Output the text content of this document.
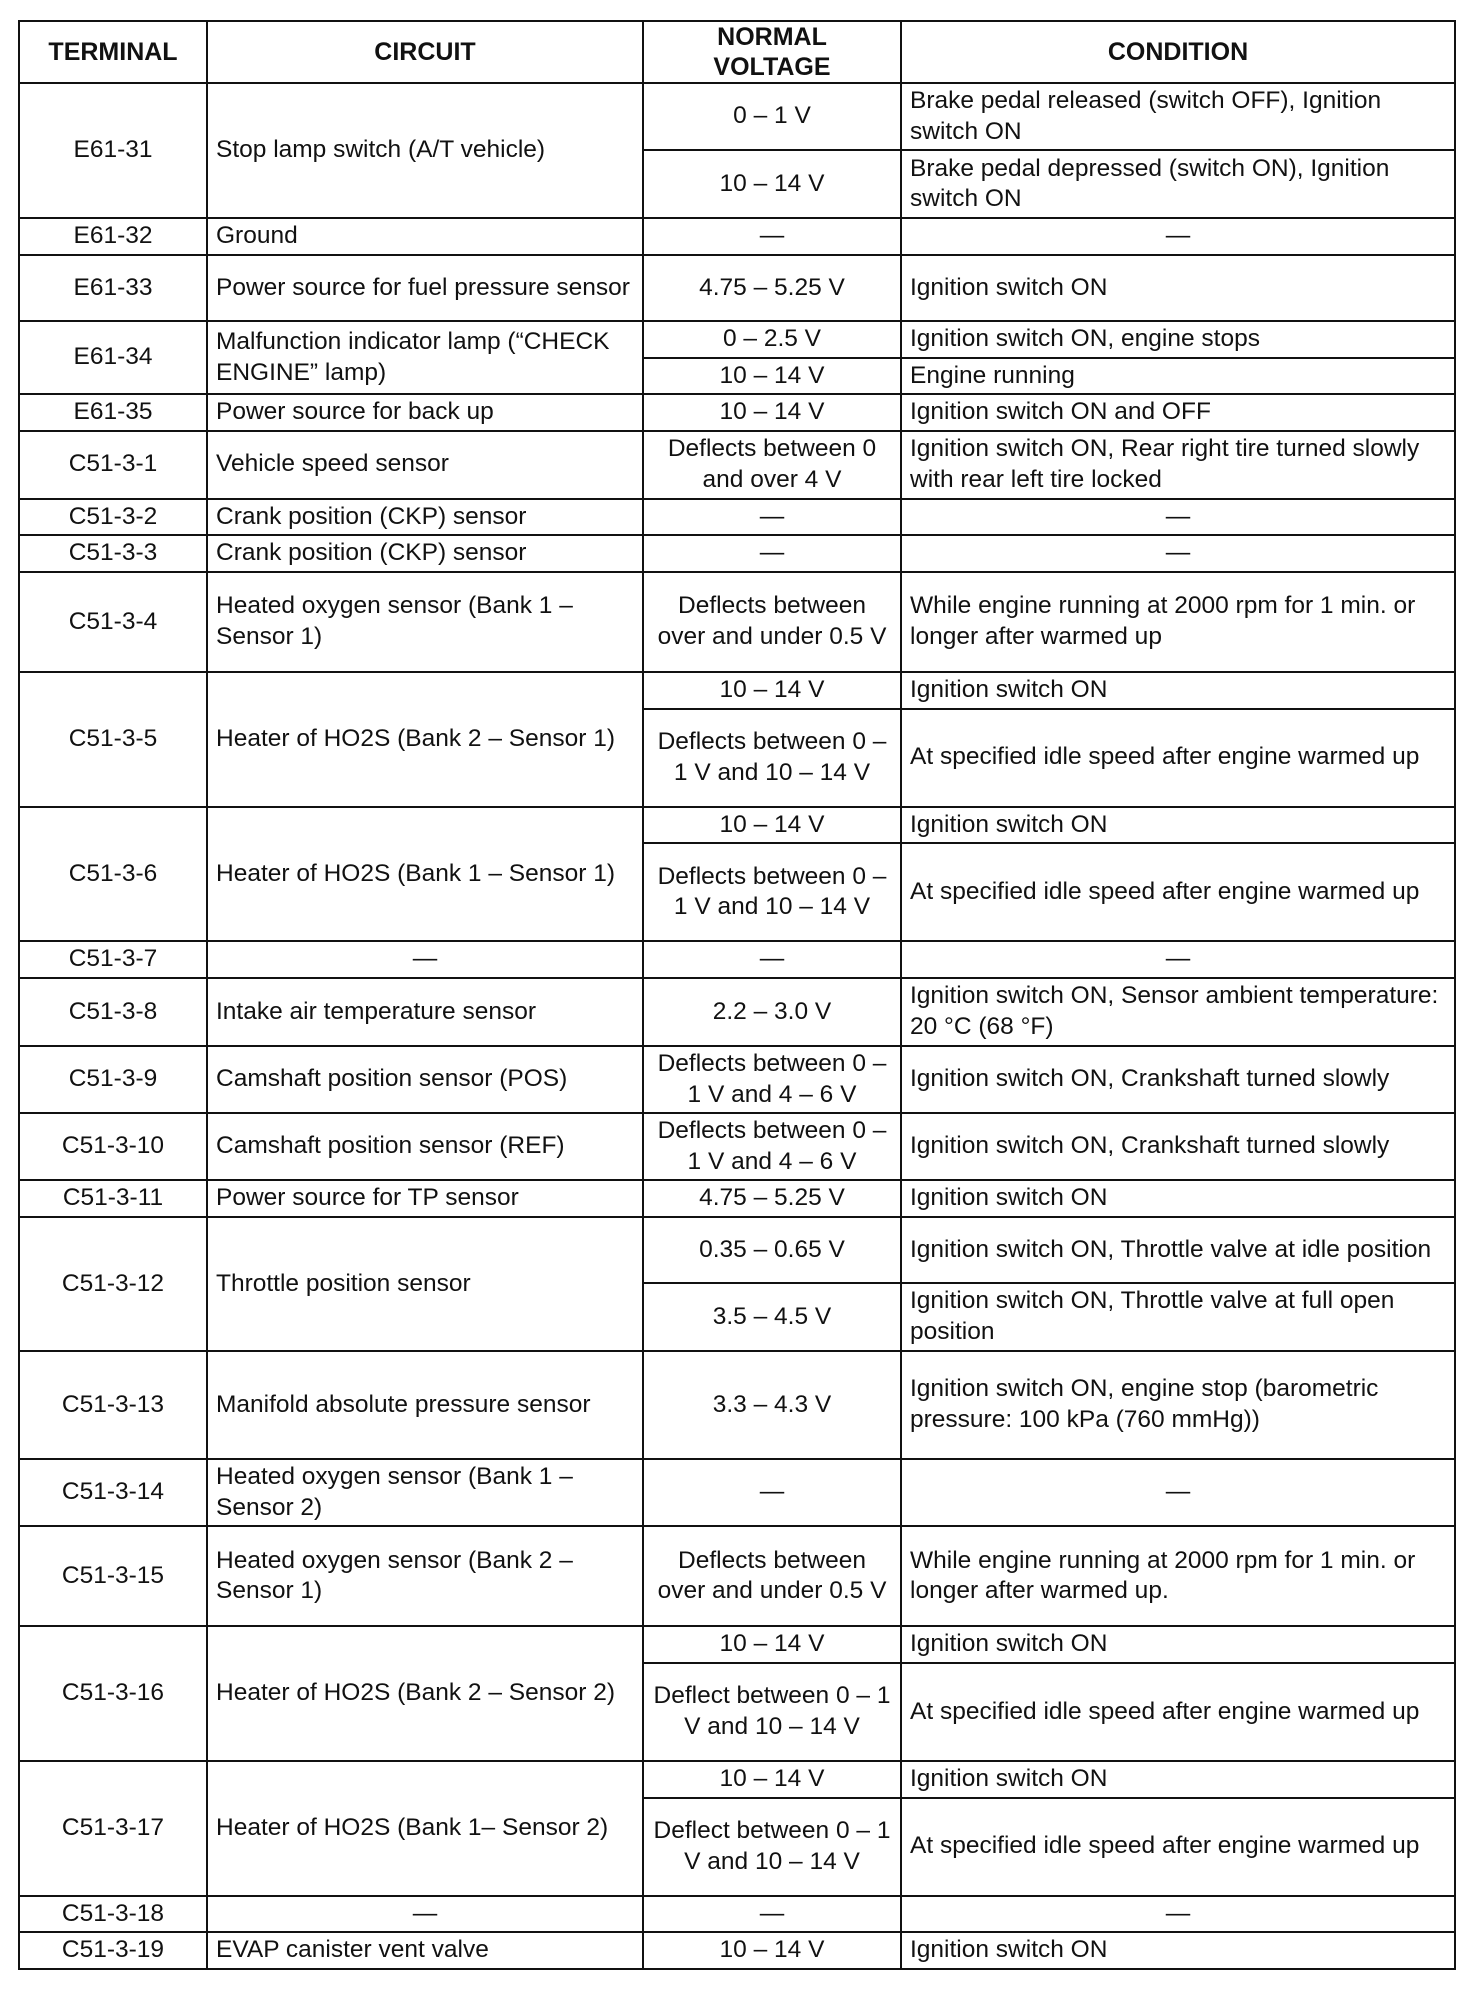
TERMINAL	CIRCUIT	NORMAL VOLTAGE	CONDITION
E61-31	Stop lamp switch (A/T vehicle)	0 – 1 V	Brake pedal released (switch OFF), Ignition switch ON
		10 – 14 V	Brake pedal depressed (switch ON), Ignition switch ON
E61-32	Ground	—	—
E61-33	Power source for fuel pressure sensor	4.75 – 5.25 V	Ignition switch ON
E61-34	Malfunction indicator lamp (“CHECK ENGINE” lamp)	0 – 2.5 V	Ignition switch ON, engine stops
		10 – 14 V	Engine running
E61-35	Power source for back up	10 – 14 V	Ignition switch ON and OFF
C51-3-1	Vehicle speed sensor	Deflects between 0 and over 4 V	Ignition switch ON, Rear right tire turned slowly with rear left tire locked
C51-3-2	Crank position (CKP) sensor	—	—
C51-3-3	Crank position (CKP) sensor	—	—
C51-3-4	Heated oxygen sensor (Bank 1 – Sensor 1)	Deflects between over and under 0.5 V	While engine running at 2000 rpm for 1 min. or longer after warmed up
C51-3-5	Heater of HO2S (Bank 2 – Sensor 1)	10 – 14 V	Ignition switch ON
		Deflects between 0 – 1 V and 10 – 14 V	At specified idle speed after engine warmed up
C51-3-6	Heater of HO2S (Bank 1 – Sensor 1)	10 – 14 V	Ignition switch ON
		Deflects between 0 – 1 V and 10 – 14 V	At specified idle speed after engine warmed up
C51-3-7	—	—	—
C51-3-8	Intake air temperature sensor	2.2 – 3.0 V	Ignition switch ON, Sensor ambient temperature: 20 °C (68 °F)
C51-3-9	Camshaft position sensor (POS)	Deflects between 0 – 1 V and 4 – 6 V	Ignition switch ON, Crankshaft turned slowly
C51-3-10	Camshaft position sensor (REF)	Deflects between 0 – 1 V and 4 – 6 V	Ignition switch ON, Crankshaft turned slowly
C51-3-11	Power source for TP sensor	4.75 – 5.25 V	Ignition switch ON
C51-3-12	Throttle position sensor	0.35 – 0.65 V	Ignition switch ON, Throttle valve at idle position
		3.5 – 4.5 V	Ignition switch ON, Throttle valve at full open position
C51-3-13	Manifold absolute pressure sensor	3.3 – 4.3 V	Ignition switch ON, engine stop (barometric pressure: 100 kPa (760 mmHg))
C51-3-14	Heated oxygen sensor (Bank 1 – Sensor 2)	—	—
C51-3-15	Heated oxygen sensor (Bank 2 – Sensor 1)	Deflects between over and under 0.5 V	While engine running at 2000 rpm for 1 min. or longer after warmed up.
C51-3-16	Heater of HO2S (Bank 2 – Sensor 2)	10 – 14 V	Ignition switch ON
		Deflect between 0 – 1 V and 10 – 14 V	At specified idle speed after engine warmed up
C51-3-17	Heater of HO2S (Bank 1– Sensor 2)	10 – 14 V	Ignition switch ON
		Deflect between 0 – 1 V and 10 – 14 V	At specified idle speed after engine warmed up
C51-3-18	—	—	—
C51-3-19	EVAP canister vent valve	10 – 14 V	Ignition switch ON
